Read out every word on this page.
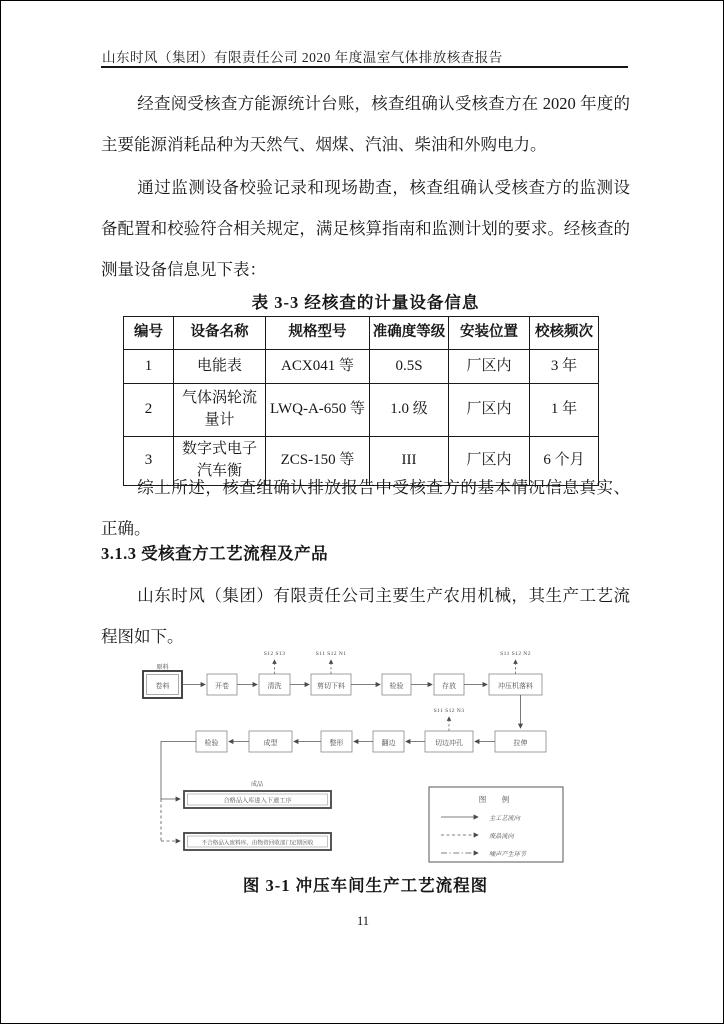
山东时风（集团）有限责任公司 2020 年度温室气体排放核查报告
经查阅受核查方能源统计台账，核查组确认受核查方在 2020 年度的主要能源消耗品种为天然气、烟煤、汽油、柴油和外购电力。
通过监测设备校验记录和现场勘查，核查组确认受核查方的监测设备配置和校验符合相关规定，满足核算指南和监测计划的要求。经核查的测量设备信息见下表：
表 3-3 经核查的计量设备信息
编号	设备名称	规格型号	准确度等级	安装位置	校核频次
1	电能表	ACX041 等	0.5S	厂区内	3 年
2	气体涡轮流量计	LWQ-A-650 等	1.0 级	厂区内	1 年
3	数字式电子汽车衡	ZCS-150 等	III	厂区内	6 个月
综上所述，核查组确认排放报告中受核查方的基本情况信息真实、正确。
3.1.3 受核查方工艺流程及产品
山东时风（集团）有限责任公司主要生产农用机械，其生产工艺流程图如下。
原料
卷料	开卷	清洗	剪切下料	检验	存放	冲压机落料
S12 S13	S11 S12 N1	S11 S12 N2
S11 S12 N3
拉伸
切边冲孔
翻边
整形
成型
检验
成品
合格品入库进入下道工序
不合格品入废料库、由物资回收部门定期回收
图　例
主工艺流向
废品流向
噪声产生环节
图 3-1 冲压车间生产工艺流程图
11
